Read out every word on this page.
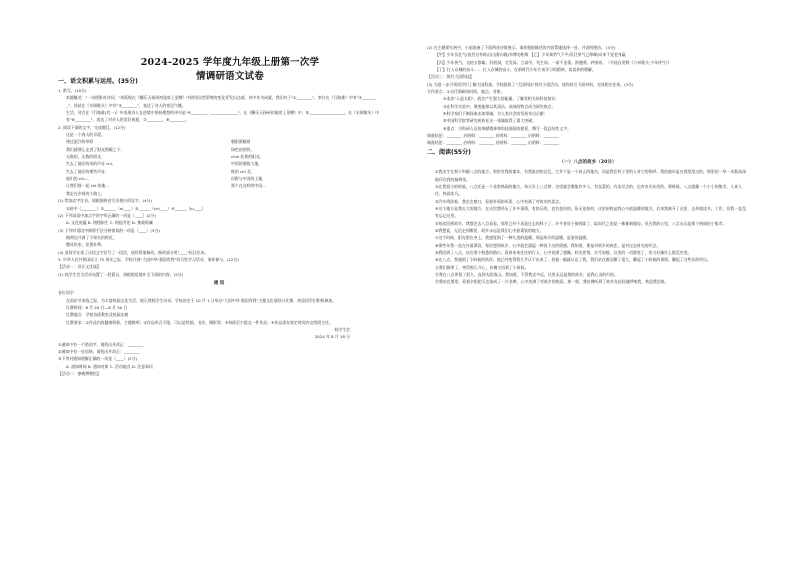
2024-2025 学年度九年级上册第一次学情调研语文试卷
一、语文积累与运用。(35分)
1. 默写。(10分)
本题概述："一诗照影有诗词，"刘禹锡在《酬乐天扬州初逢席上见赠》中借用自然景物的变化抒发出达观，诗中作为成就，我们对于"①________"，李白在《行路难》中有"②________"，苏轼在《水调歌头》中有"③________"，表达了诗人的豪迈气概。
生活，诗含在《行路难(其一)》中表现诗人在逆境中坚持理想的诗句是"④________，______________"。在《酬乐天扬州初逢席上见赠》中，⑤__________________。在《水调歌头》中有"⑥________"，表达了对亲人的美好祝愿，⑦________，⑧________。
2. 阅读下面的文字，完成题目。(12分)
这是一个春天的早晨。
透过泥泞的草原	朝阳照耀着
我们就那么走进了阳光照耀之下,	绿色的田野,
无数的，无数的阳光,	chin 托着的阳光,
失去了他们的风的声音 chi,	中国的道路大地,
失去了他们的那些声音,	秋的 chi 北,
他们的 chi...,	田野与中国的土地,
让我们那一起 chi 的地...	那个在这样的中国...
我走在乡间的小路上，
(1) 给加点字注音，请根据拼音写出相应的汉字。(4分)
①暗中（________）②______（ni____）③______（chi____）④______（ju____）
(2) 下列词语中加点字的字形正确的一项是（____）(2分)
A. 文化底蕴 B. 栩栩如生 C. 相提并论 D. 推波助澜
(3) 下列对语段中修辞手法分析错误的一项是（____）(3分)
路两边开满了不知名的野花，
微风吹来，花香扑鼻。
(4) 某同学在读了这段文字后写了一段话，请你帮他修改，修改部分用"____"标注出来。
3. 中华人民共和国成立 75 周年之际，学校开展"大国中华·强国有我"综合性学习活动，请你参与。(12分)
【活动一：设计文化墙】
(1) 校学生会为活动布置了一段倡议，请根据语境补全下面的内容。(5分)
通 知
各位同学：
在国庆节来临之际，为丰富校园文化生活，展示我校学生风采，学校决定于 10 月 1 日举办"大国中华·强国有我"主题文化墙设计比赛，欢迎同学们积极参加。
比赛时间：8 月 20 日—8 月 30 日
比赛地点：学校各班教室及校园走廊
比赛要求：①作品内容健康积极，主题鲜明；②作品形式不限，可以是绘画、书法、摄影等；③每班至少提交一件作品；④作品需在规定时间内交给班主任。
校学生会
2024 年 8 月 18 日
①通知中有一个错别字，请找出并改正：________
②通知中有一处语病，请找出并改正：________
③下列对通知理解正确的一项是（____）(2分)
A. 通知时间 B. 通知对象 C. 活动地点 D. 注意事项
【活动二：参观博物馆】
(2) 在主题探究展中，小丽准备了下面两首诗歌展示，请你根据描述的内容帮她选择一首，并说明理由。 (3分)
【甲】少年负壮气/奋烈自有时/因击鲁勾践/争博勿相欺 【乙】少年乘势气不平/负壮豪气已峥嵘/向来不觉老身赢
【丙】少年侠气，交结五都雄。肝胆洞，毛发耸。立谈中，死生同。一诺千金重。推翘勇，矜豪纵。（节选自贺铸《六州歌头·少年侠气》）
【丁】打入京城的奋斗…… 打入京城的奋斗，在新时代少年应该学习的精神，谈谈你的理解。
【活动三：探究大国科技】
(3) 为进一步引领同学们了解大国科技，学校组织了"大国科技"探究小组活动，请你结合下面材料，完成相应任务。(3分)
写作要点：①交代调研的时间、地点、对象；
②本次"人造太阳"，就会产生强大的能量，了解其相关的科技知识；
③在科学实验中，聚变能源以其清洁、高效的特点成为研究热点；
④科学家们不断探索未知领域，为人类社会的发展作出贡献；
⑤中国科学院等研究机构在这一领域取得了重大突破；
⑥重点：为科研人员的奉献精神和科技强国的愿景，撰写一段总结性文字。
调查结论：________ 启明料：________ 启明料：________ 启明料：________
调查结论：________ 启明料：________ 启明料：________ 启明料：________
二、阅读(55分)
（一）八点的故乡（20分）
①我出生在那个叫做八点的地方。那里有我的童年，有我最初的记忆。它并不是一个真正的地名，而是我们村子里的人对它的称呼。我的童年是在那里度过的，那里的一草一木都深深地印在我的脑海里。
②在我很小的时候，八点还是一个非常热闹的地方。每天早上八点钟，这里就会聚集许多人，有卖菜的，有卖早点的，也有来买东西的。那时候，八点就像一个小小的集市，人来人往，热闹非凡。
③汽车鸣笛着，我坐在窗口，看着外面的风景，心中充满了对故乡的思念。
④这个地方是我长大的地方，在这里我经历了许多事情，有快乐的，也有悲伤的。但无论如何，这里始终是我心中最温暖的地方。后来我离开了这里，去外地读书、工作，但我一直没有忘记这里。
⑤每次回到故乡，我都会去八点看看。那里已经不再是过去的样子了，许多老房子被拆除了，取而代之的是一栋栋新楼房。但在我的心里，八点永远是那个热闹的小集市。
⑥我想说，无论走到哪里，故乡永远是我们心中最柔软的地方。
⑦这个时候，阳光照在身上，我感觉到了一种久违的温暖。那是故乡的温暖，是家的温暖。
⑧那些年我一直在外面漂泊，每次想到故乡，心中就会涌起一种说不出的情感。我知道，那是对故乡的眷恋，是对过去时光的怀念。
⑨我回到了八点，站在那个熟悉的路口，看着来来往往的行人，心中充满了感慨。时光荏苒，岁月如梭，这里的一切都变了，但又好像什么都没有变。
⑩在八点，我遇到了小时候的伙伴。他已经变得我几乎认不出来了，但他一眼就认出了我。我们站在路边聊了很久，聊起了小时候的事情，聊起了这些年的经历。
⑪我们都笑了，笑得那么开心，仿佛又回到了小时候。
⑫我在八点停留了很久，直到太阳落山。我知道，不管我走多远，这里永远是我的故乡，是我心灵的归宿。
⑬我站在那里，看着夕阳把天边染成了一片金黄，心中充满了对故乡的热爱。那一刻，我仿佛听到了故乡在轻轻地呼唤我，欢迎我回家。
